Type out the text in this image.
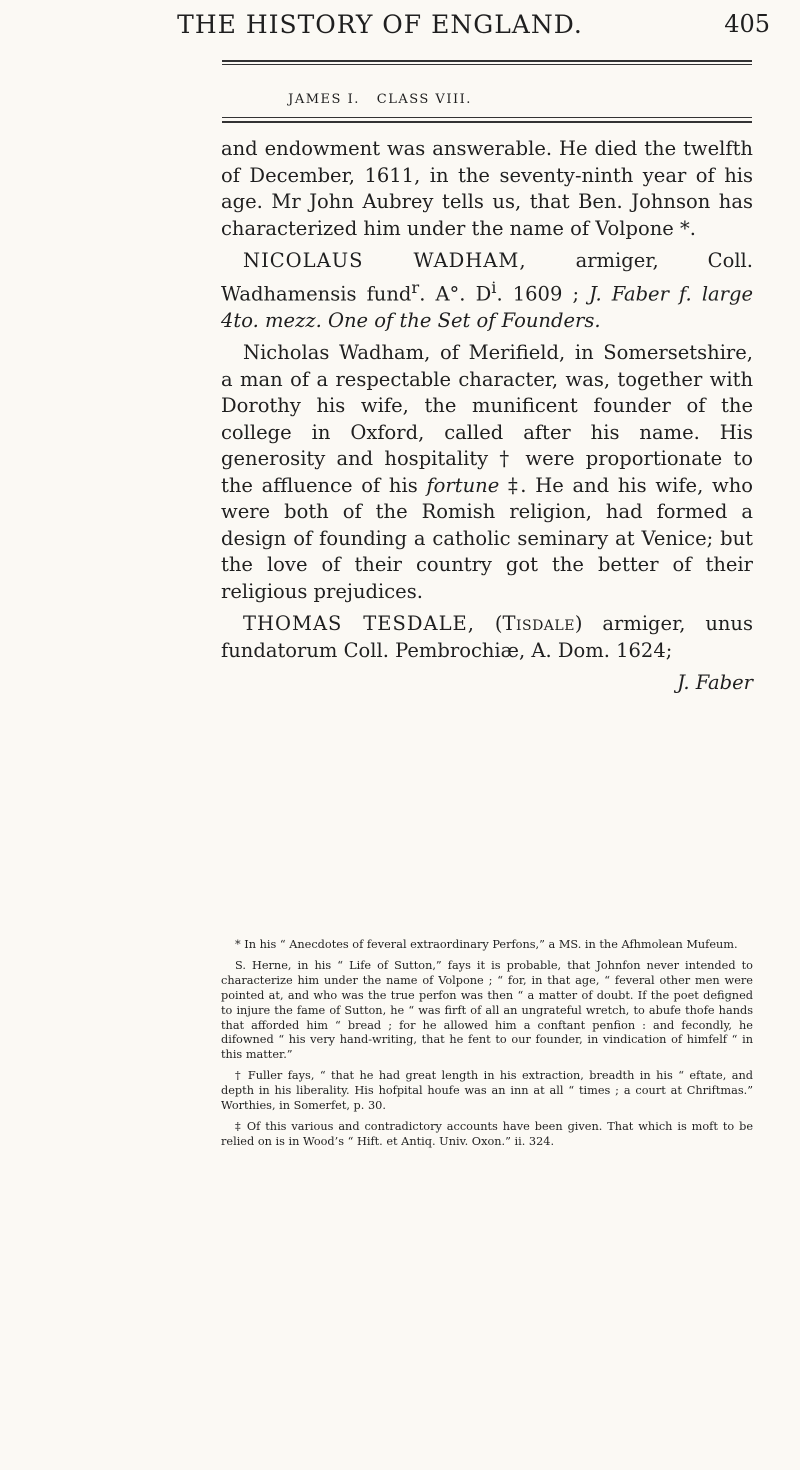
THE HISTORY OF ENGLAND.	405
JAMES I.   CLASS VIII.

and endowment was answerable. He died the twelfth of December, 1611, in the seventy-ninth year of his age. Mr John Aubrey tells us, that Ben. Johnson has characterized him under the name of Volpone *.

NICOLAUS WADHAM, armiger, Coll. Wadhamensis fund$^r$. A°. $D^i$. 1609 ; J. Faber f. large 4to. mezz. One of the Set of Founders.

Nicholas Wadham, of Merifield, in Somersetshire, a man of a respectable character, was, together with Dorothy his wife, the munificent founder of the college in Oxford, called after his name. His generosity and hospitality † were proportionate to the affluence of his fortune ‡. He and his wife, who were both of the Romish religion, had formed a design of founding a catholic seminary at Venice; but the love of their country got the better of their religious prejudices.

THOMAS TESDALE, (Tisdale) armiger, unus fundatorum Coll. Pembrochiæ, A. Dom. 1624;

J. Faber

* In his “ Anecdotes of feveral extraordinary Perfons,” a MS. in the Afhmolean Mufeum.

S. Herne, in his “ Life of Sutton,” fays it is probable, that Johnfon never intended to characterize him under the name of Volpone ; “ for, in that age, “ feveral other men were pointed at, and who was the true perfon was then “ a matter of doubt. If the poet defigned to injure the fame of Sutton, he “ was firft of all an ungrateful wretch, to abufe thofe hands that afforded him “ bread ; for he allowed him a conftant penfion : and fecondly, he difowned “ his very hand-writing, that he fent to our founder, in vindication of himfelf “ in this matter.”

† Fuller fays, “ that he had great length in his extraction, breadth in his “ eftate, and depth in his liberality. His hofpital houfe was an inn at all “ times ; a court at Chriftmas.” Worthies, in Somerfet, p. 30.

‡ Of this various and contradictory accounts have been given. That which is moft to be relied on is in Wood’s “ Hift. et Antiq. Univ. Oxon.” ii. 324.
